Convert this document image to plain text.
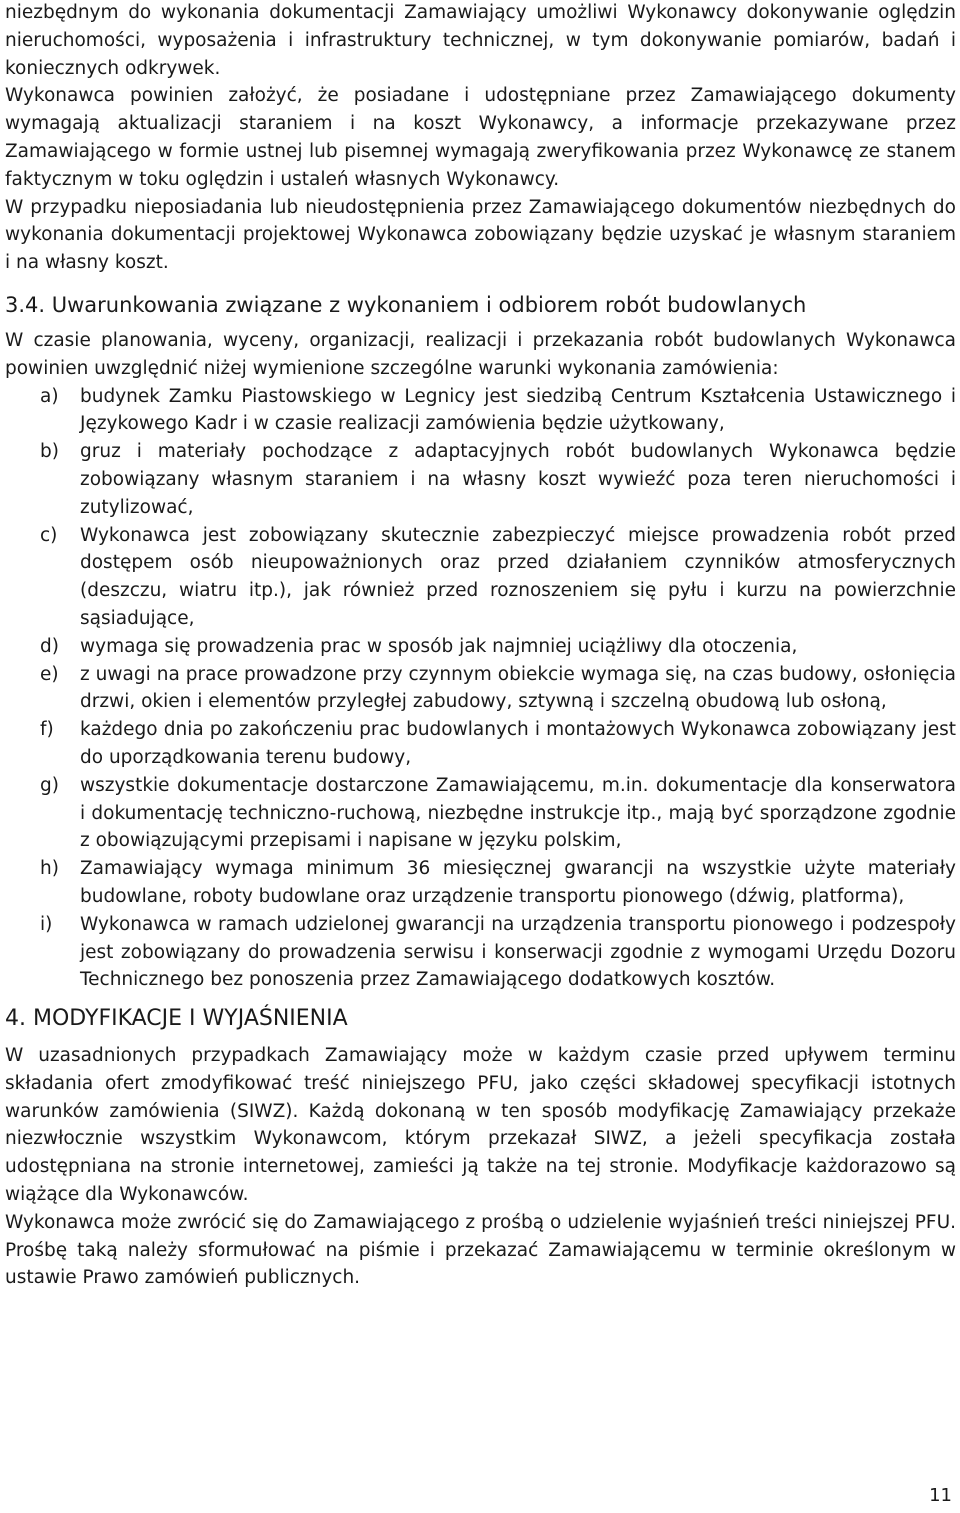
niezbędnym do wykonania dokumentacji Zamawiający umożliwi Wykonawcy dokonywanie oględzin nieruchomości, wyposażenia i infrastruktury technicznej, w tym dokonywanie pomiarów, badań i koniecznych odkrywek.

Wykonawca powinien założyć, że posiadane i udostępniane przez Zamawiającego dokumenty wymagają aktualizacji staraniem i na koszt Wykonawcy, a informacje przekazywane przez Zamawiającego w formie ustnej lub pisemnej wymagają zweryfikowania przez Wykonawcę ze stanem faktycznym w toku oględzin i ustaleń własnych Wykonawcy.

W przypadku nieposiadania lub nieudostępnienia przez Zamawiającego dokumentów niezbędnych do wykonania dokumentacji projektowej Wykonawca zobowiązany będzie uzyskać je własnym staraniem i na własny koszt.

3.4. Uwarunkowania związane z wykonaniem i odbiorem robót budowlanych

W czasie planowania, wyceny, organizacji, realizacji i przekazania robót budowlanych Wykonawca powinien uwzględnić niżej wymienione szczególne warunki wykonania zamówienia:

a) budynek Zamku Piastowskiego w Legnicy jest siedzibą Centrum Kształcenia Ustawicznego i Językowego Kadr i w czasie realizacji zamówienia będzie użytkowany,
b) gruz i materiały pochodzące z adaptacyjnych robót budowlanych Wykonawca będzie zobowiązany własnym staraniem i na własny koszt wywieźć poza teren nieruchomości i zutylizować,
c) Wykonawca jest zobowiązany skutecznie zabezpieczyć miejsce prowadzenia robót przed dostępem osób nieupoważnionych oraz przed działaniem czynników atmosferycznych (deszczu, wiatru itp.), jak również przed roznoszeniem się pyłu i kurzu na powierzchnie sąsiadujące,
d) wymaga się prowadzenia prac w sposób jak najmniej uciążliwy dla otoczenia,
e) z uwagi na prace prowadzone przy czynnym obiekcie wymaga się, na czas budowy, osłonięcia drzwi, okien i elementów przyległej zabudowy, sztywną i szczelną obudową lub osłoną,
f) każdego dnia po zakończeniu prac budowlanych i montażowych Wykonawca zobowiązany jest do uporządkowania terenu budowy,
g) wszystkie dokumentacje dostarczone Zamawiającemu, m.in. dokumentacje dla konserwatora i dokumentację techniczno-ruchową, niezbędne instrukcje itp., mają być sporządzone zgodnie z obowiązującymi przepisami i napisane w języku polskim,
h) Zamawiający wymaga minimum 36 miesięcznej gwarancji na wszystkie użyte materiały budowlane, roboty budowlane oraz urządzenie transportu pionowego (dźwig, platforma),
i) Wykonawca w ramach udzielonej gwarancji na urządzenia transportu pionowego i podzespoły jest zobowiązany do prowadzenia serwisu i konserwacji zgodnie z wymogami Urzędu Dozoru Technicznego bez ponoszenia przez Zamawiającego dodatkowych kosztów.
4. MODYFIKACJE I WYJAŚNIENIA

W uzasadnionych przypadkach Zamawiający może w każdym czasie przed upływem terminu składania ofert zmodyfikować treść niniejszego PFU, jako części składowej specyfikacji istotnych warunków zamówienia (SIWZ). Każdą dokonaną w ten sposób modyfikację Zamawiający przekaże niezwłocznie wszystkim Wykonawcom, którym przekazał SIWZ, a jeżeli specyfikacja została udostępniana na stronie internetowej, zamieści ją także na tej stronie. Modyfikacje każdorazowo są wiążące dla Wykonawców.

Wykonawca może zwrócić się do Zamawiającego z prośbą o udzielenie wyjaśnień treści niniejszej PFU. Prośbę taką należy sformułować na piśmie i przekazać Zamawiającemu w terminie określonym w ustawie Prawo zamówień publicznych.

11
